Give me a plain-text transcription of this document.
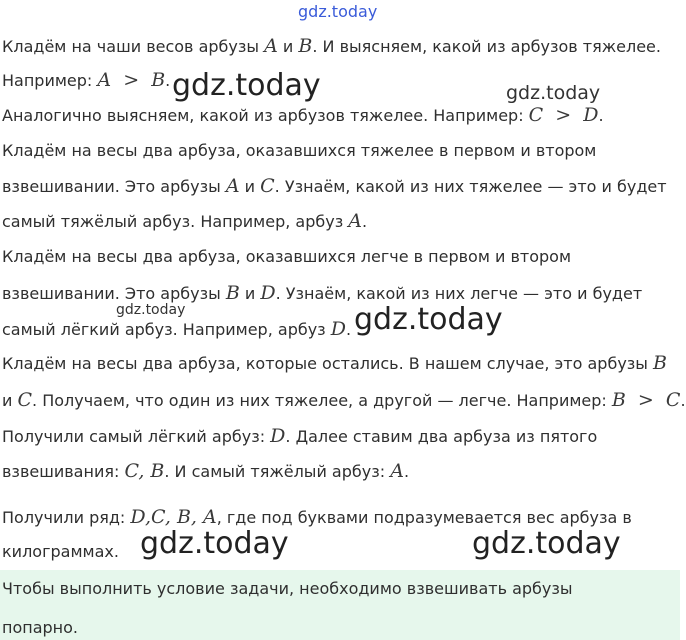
gdz.today
Кладём на чаши весов арбузы A и B. И выясняем, какой из арбузов тяжелее.
Например: A  >  B. gdz.today	gdz.today
Аналогично выясняем, какой из арбузов тяжелее. Например: C  >  D.
Кладём на весы два арбуза, оказавшихся тяжелее в первом и втором
взвешивании. Это арбузы A и C. Узнаём, какой из них тяжелее — это и будет
самый тяжёлый арбуз. Например, арбуз A.
Кладём на весы два арбуза, оказавшихся легче в первом и втором
взвешивании. Это арбузы B и D. Узнаём, какой из них легче — это и будет
gdz.today
самый лёгкий арбуз. Например, арбуз D. gdz.today
Кладём на весы два арбуза, которые остались. В нашем случае, это арбузы B
и C. Получаем, что один из них тяжелее, а другой — легче. Например: B  >  C.
Получили самый лёгкий арбуз: D. Далее ставим два арбуза из пятого
взвешивания: C, B. И самый тяжёлый арбуз: A.
Получили ряд: D,C, B, A, где под буквами подразумевается вес арбуза в
килограммах. gdz.today	gdz.today
Чтобы выполнить условие задачи, необходимо взвешивать арбузы
попарно.
